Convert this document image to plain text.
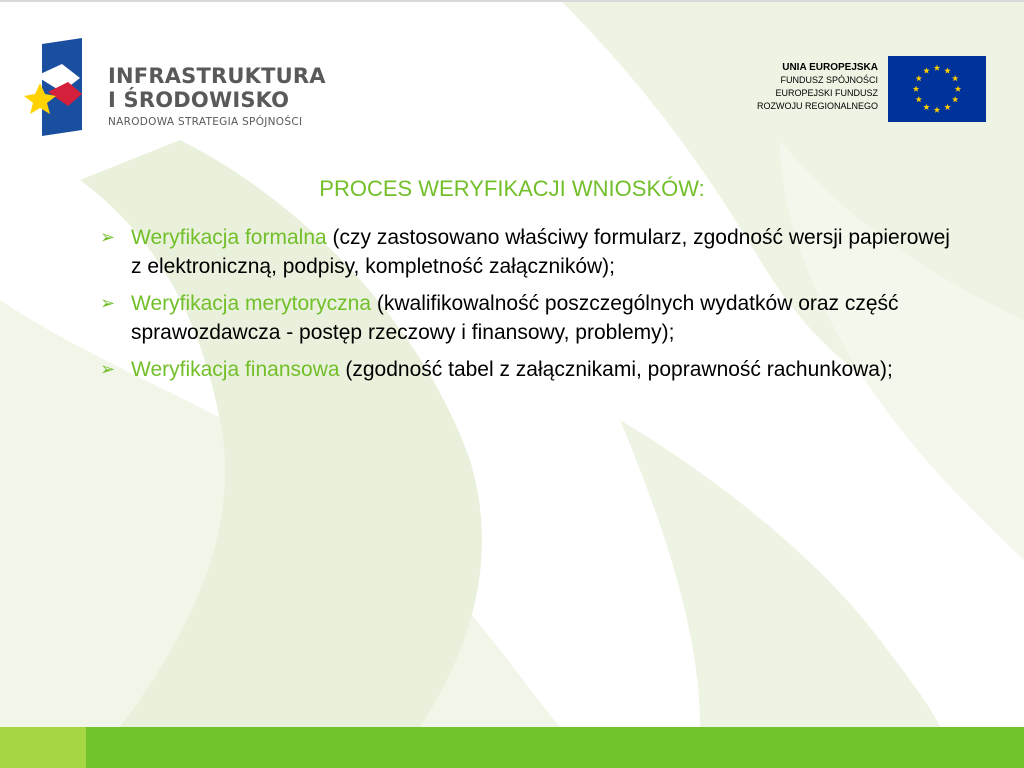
INFRASTRUKTURA
I ŚRODOWISKO
NARODOWA STRATEGIA SPÓJNOŚCI
UNIA EUROPEJSKA
FUNDUSZ SPÓJNOŚCI
EUROPEJSKI FUNDUSZ
ROZWOJU REGIONALNEGO
PROCES WERYFIKACJI WNIOSKÓW:
➢ Weryfikacja formalna (czy zastosowano właściwy formularz, zgodność wersji papierowej z elektroniczną, podpisy, kompletność załączników);
➢ Weryfikacja merytoryczna (kwalifikowalność poszczególnych wydatków oraz część sprawozdawcza - postęp rzeczowy i finansowy, problemy);
➢ Weryfikacja finansowa (zgodność tabel z załącznikami, poprawność rachunkowa);
